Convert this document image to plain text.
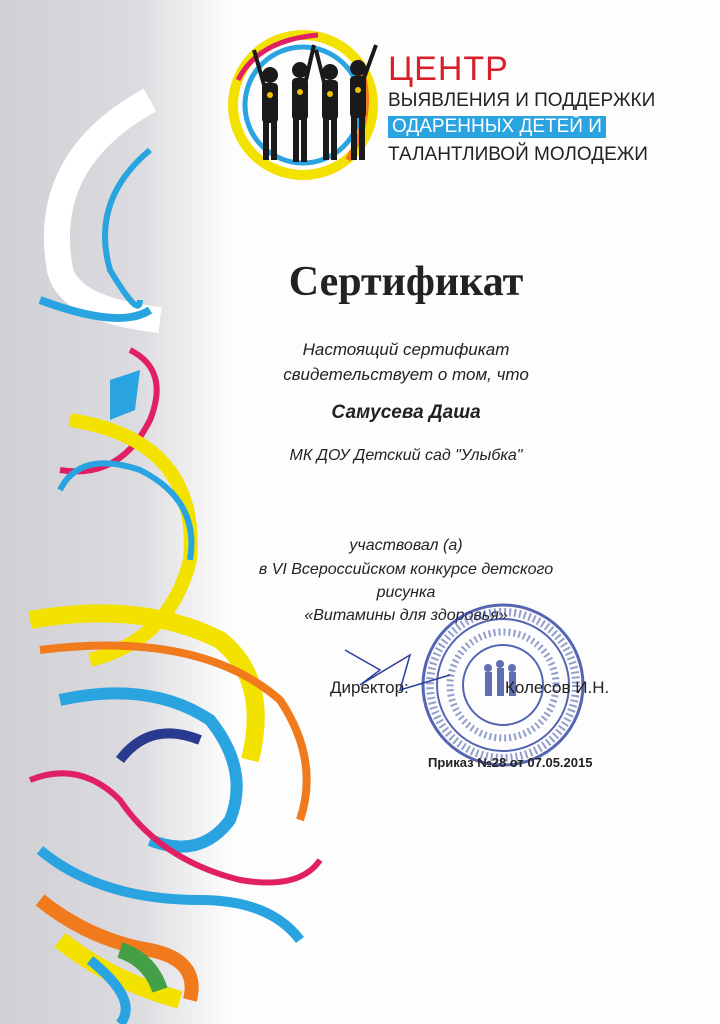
ЦЕНТР
ВЫЯВЛЕНИЯ И ПОДДЕРЖКИ
ОДАРЕННЫХ ДЕТЕЙ И
ТАЛАНТЛИВОЙ МОЛОДЕЖИ
Сертификат
Настоящий сертификат
свидетельствует о том, что
Самусева Даша
МК ДОУ Детский сад "Улыбка"
участвовал (а)
в VI Всероссийском конкурсе детского
рисунка
«Витамины для здоровья»
Директор:	Колесов И.Н.
Приказ №28 от 07.05.2015
